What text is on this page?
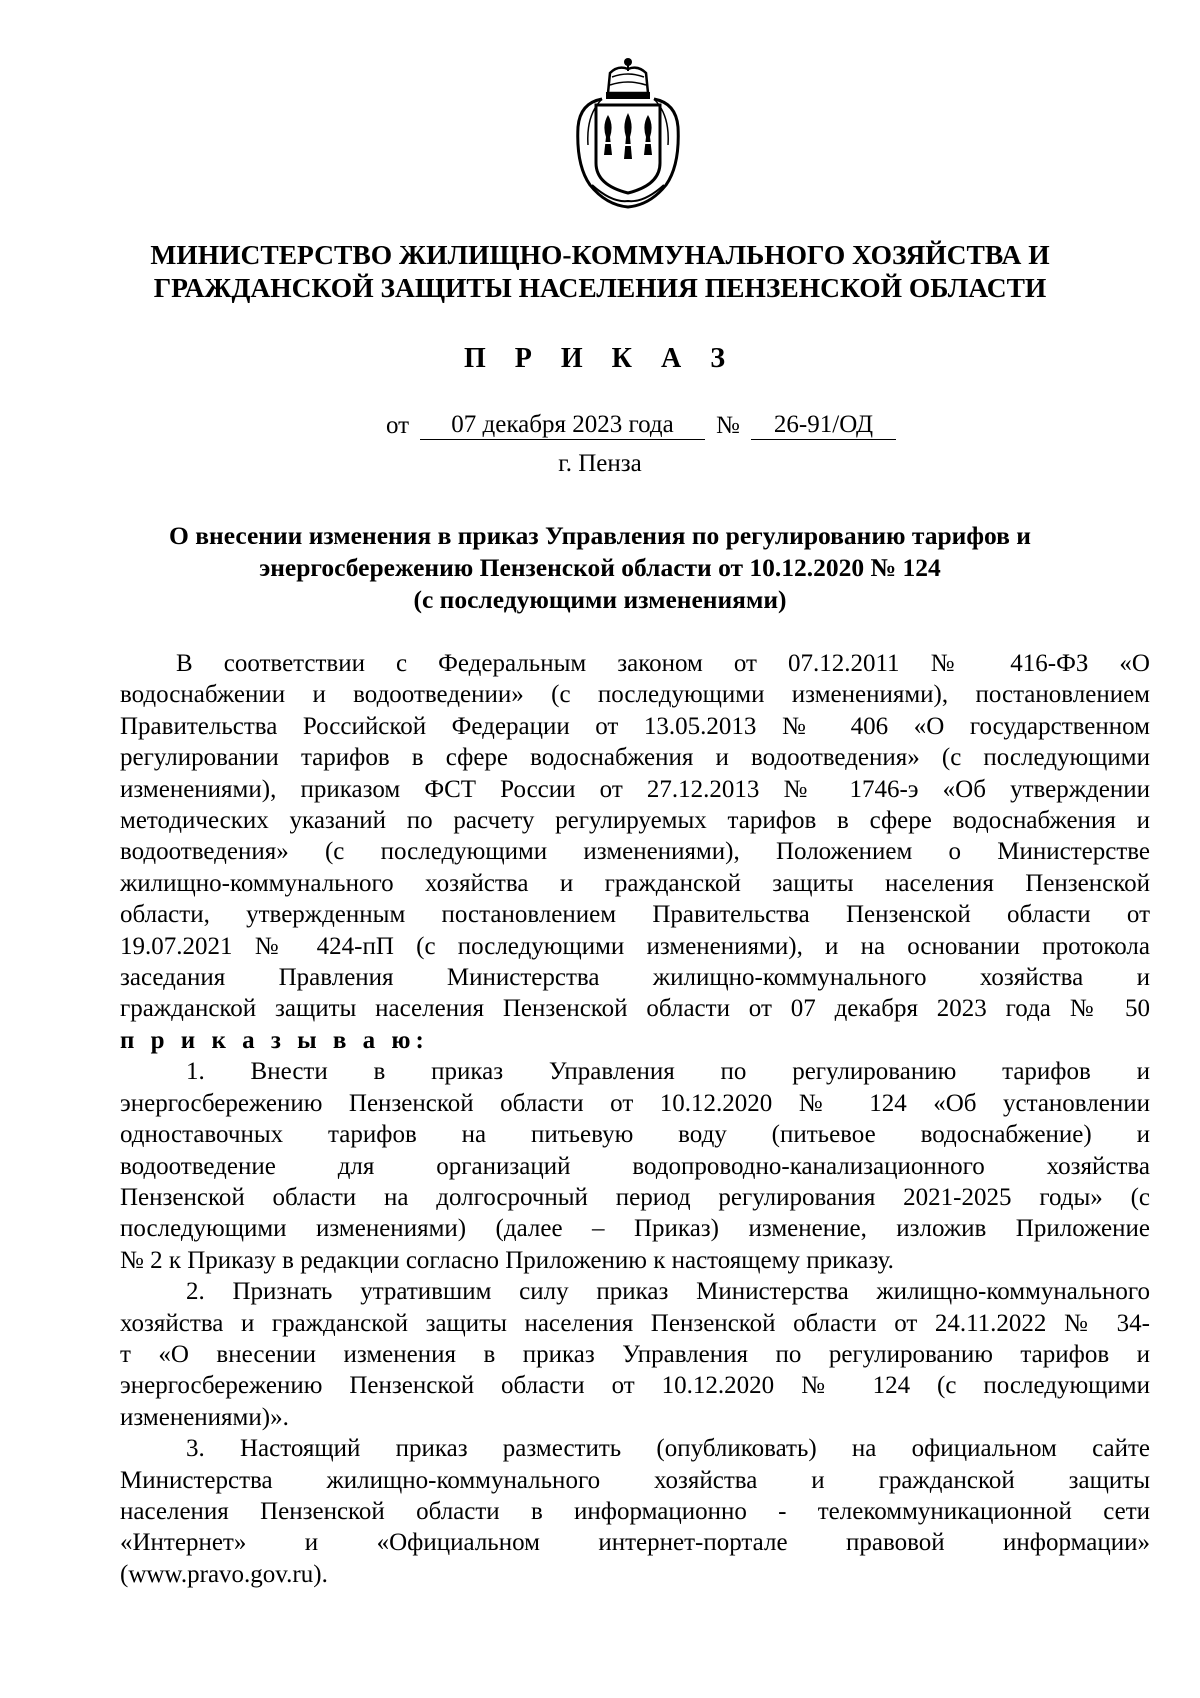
МИНИСТЕРСТВО ЖИЛИЩНО-КОММУНАЛЬНОГО ХОЗЯЙСТВА И
ГРАЖДАНСКОЙ ЗАЩИТЫ НАСЕЛЕНИЯ ПЕНЗЕНСКОЙ ОБЛАСТИ
П Р И К А З
от	07 декабря 2023 года	№	26-91/ОД
г. Пенза
О внесении изменения в приказ Управления по регулированию тарифов и
энергосбережению Пензенской области от 10.12.2020 № 124
(с последующими изменениями)
В соответствии с Федеральным законом от 07.12.2011 № 416-ФЗ «О
водоснабжении и водоотведении» (с последующими изменениями), постановлением
Правительства Российской Федерации от 13.05.2013 № 406 «О государственном
регулировании тарифов в сфере водоснабжения и водоотведения» (с последующими
изменениями), приказом ФСТ России от 27.12.2013 № 1746-э «Об утверждении
методических указаний по расчету регулируемых тарифов в сфере водоснабжения и
водоотведения» (с последующими изменениями), Положением о Министерстве
жилищно-коммунального хозяйства и гражданской защиты населения Пензенской
области, утвержденным постановлением Правительства Пензенской области от
19.07.2021 № 424-пП (с последующими изменениями), и на основании протокола
заседания Правления Министерства жилищно-коммунального хозяйства и
гражданской защиты населения Пензенской области от 07 декабря 2023 года № 50
п р и к а з ы в а ю:
1. Внести в приказ Управления по регулированию тарифов и
энергосбережению Пензенской области от 10.12.2020 № 124 «Об установлении
одноставочных тарифов на питьевую воду (питьевое водоснабжение) и
водоотведение для организаций водопроводно-канализационного хозяйства
Пензенской области на долгосрочный период регулирования 2021-2025 годы» (с
последующими изменениями) (далее – Приказ) изменение, изложив Приложение
№ 2 к Приказу в редакции согласно Приложению к настоящему приказу.
2. Признать утратившим силу приказ Министерства жилищно-коммунального
хозяйства и гражданской защиты населения Пензенской области от 24.11.2022 № 34-
т «О внесении изменения в приказ Управления по регулированию тарифов и
энергосбережению Пензенской области от 10.12.2020 № 124 (с последующими
изменениями)».
3. Настоящий приказ разместить (опубликовать) на официальном сайте
Министерства жилищно-коммунального хозяйства и гражданской защиты
населения Пензенской области в информационно - телекоммуникационной сети
«Интернет» и «Официальном интернет-портале правовой информации»
(www.pravo.gov.ru).
